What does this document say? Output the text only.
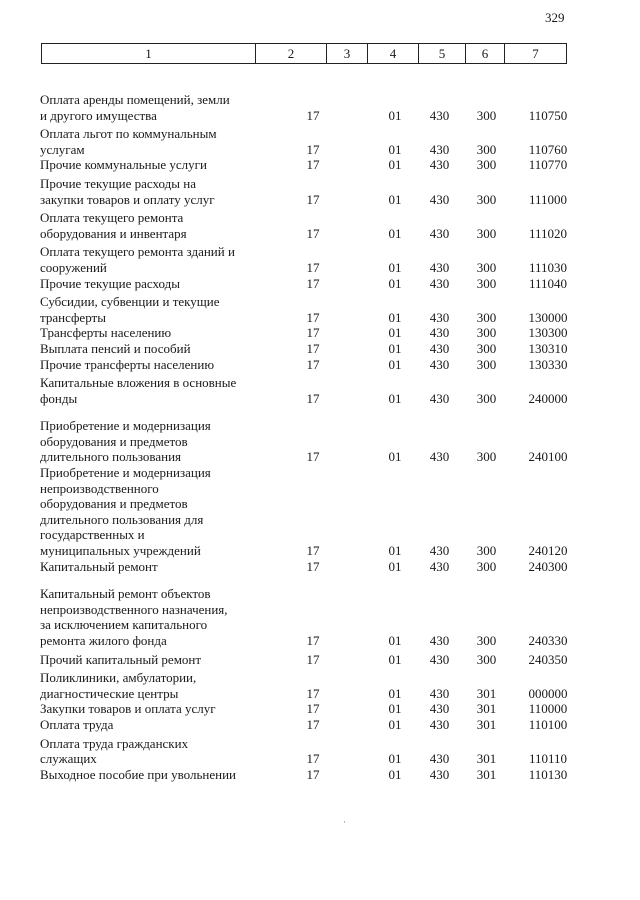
329
1	2	3	4	5	6	7
Оплата аренды помещений, земли
и другого имущества	17	01	430	300	110750
Оплата льгот по коммунальным
услугам	17	01	430	300	110760
Прочие коммунальные услуги	17	01	430	300	110770
Прочие текущие расходы на
закупки товаров и оплату услуг	17	01	430	300	111000
Оплата текущего ремонта
оборудования и инвентаря	17	01	430	300	111020
Оплата текущего ремонта зданий и
сооружений	17	01	430	300	111030
Прочие текущие расходы	17	01	430	300	111040
Субсидии, субвенции и текущие
трансферты	17	01	430	300	130000
Трансферты населению	17	01	430	300	130300
Выплата пенсий и пособий	17	01	430	300	130310
Прочие трансферты населению	17	01	430	300	130330
Капитальные вложения в основные
фонды	17	01	430	300	240000
Приобретение и модернизация
оборудования и предметов
длительного пользования	17	01	430	300	240100
Приобретение и модернизация
непроизводственного
оборудования и предметов
длительного пользования для
государственных и
муниципальных учреждений	17	01	430	300	240120
Капитальный ремонт	17	01	430	300	240300
Капитальный ремонт объектов
непроизводственного назначения,
за исключением капитального
ремонта жилого фонда	17	01	430	300	240330
Прочий капитальный ремонт	17	01	430	300	240350
Поликлиники, амбулатории,
диагностические центры	17	01	430	301	000000
Закупки товаров и оплата услуг	17	01	430	301	110000
Оплата труда	17	01	430	301	110100
Оплата труда гражданских
служащих	17	01	430	301	110110
Выходное пособие при увольнении	17	01	430	301	110130
·
